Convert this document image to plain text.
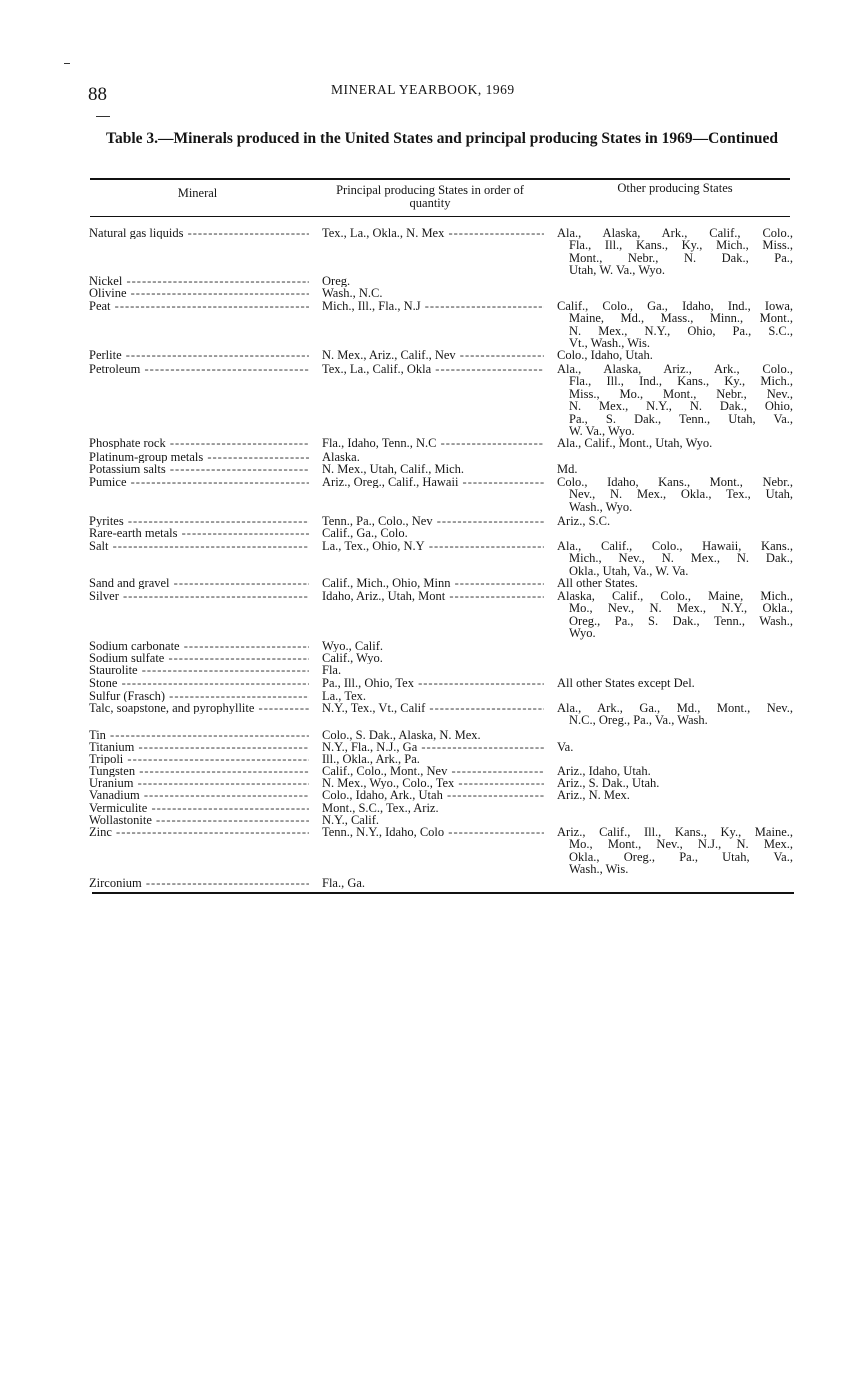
88	MINERAL YEARBOOK, 1969
Table 3.—Minerals produced in the United States and principal producing States in 1969—Continued
Mineral	Principal producing States in order of quantity
Other producing States
Natural gas liquids -----	Tex., La., Okla., N. Mex -----	Ala., Alaska, Ark., Calif., Colo.,
Fla., Ill., Kans., Ky., Mich., Miss.,
Mont., Nebr., N. Dak., Pa.,
Utah, W. Va., Wyo.
Nickel -----	Oreg.
Olivine -----	Wash., N.C.
Peat -----	Mich., Ill., Fla., N.J -----	Calif., Colo., Ga., Idaho, Ind., Iowa,
Maine, Md., Mass., Minn., Mont.,
N. Mex., N.Y., Ohio, Pa., S.C.,
Vt., Wash., Wis.
Perlite -----	N. Mex., Ariz., Calif., Nev -----	Colo., Idaho, Utah.
Petroleum -----	Tex., La., Calif., Okla -----	Ala., Alaska, Ariz., Ark., Colo.,
Fla., Ill., Ind., Kans., Ky., Mich.,
Miss., Mo., Mont., Nebr., Nev.,
N. Mex., N.Y., N. Dak., Ohio,
Pa., S. Dak., Tenn., Utah, Va.,
W. Va., Wyo.
Phosphate rock -----	Fla., Idaho, Tenn., N.C -----	Ala., Calif., Mont., Utah, Wyo.
Platinum-group metals -----	Alaska.
Potassium salts -----	N. Mex., Utah, Calif., Mich.	Md.
Pumice -----	Ariz., Oreg., Calif., Hawaii -----	Colo., Idaho, Kans., Mont., Nebr.,
Nev., N. Mex., Okla., Tex., Utah,
Wash., Wyo.
Pyrites -----	Tenn., Pa., Colo., Nev -----	Ariz., S.C.
Rare-earth metals -----	Calif., Ga., Colo.
Salt -----	La., Tex., Ohio, N.Y -----	Ala., Calif., Colo., Hawaii, Kans.,
Mich., Nev., N. Mex., N. Dak.,
Okla., Utah, Va., W. Va.
Sand and gravel -----	Calif., Mich., Ohio, Minn -----	All other States.
Silver -----	Idaho, Ariz., Utah, Mont -----	Alaska, Calif., Colo., Maine, Mich.,
Mo., Nev., N. Mex., N.Y., Okla.,
Oreg., Pa., S. Dak., Tenn., Wash.,
Wyo.
Sodium carbonate -----	Wyo., Calif.
Sodium sulfate -----	Calif., Wyo.
Staurolite -----	Fla.
Stone -----	Pa., Ill., Ohio, Tex -----	All other States except Del.
Sulfur (Frasch) -----	La., Tex.
Talc, soapstone, and pyrophyllite -----	N.Y., Tex., Vt., Calif -----	Ala., Ark., Ga., Md., Mont., Nev.,
N.C., Oreg., Pa., Va., Wash.
Tin -----	Colo., S. Dak., Alaska, N. Mex.
Titanium -----	N.Y., Fla., N.J., Ga -----	Va.
Tripoli -----	Ill., Okla., Ark., Pa.
Tungsten -----	Calif., Colo., Mont., Nev -----	Ariz., Idaho, Utah.
Uranium -----	N. Mex., Wyo., Colo., Tex -----	Ariz., S. Dak., Utah.
Vanadium -----	Colo., Idaho, Ark., Utah -----	Ariz., N. Mex.
Vermiculite -----	Mont., S.C., Tex., Ariz.
Wollastonite -----	N.Y., Calif.
Zinc -----	Tenn., N.Y., Idaho, Colo -----	Ariz., Calif., Ill., Kans., Ky., Maine.,
Mo., Mont., Nev., N.J., N. Mex.,
Okla., Oreg., Pa., Utah, Va.,
Wash., Wis.
Zirconium -----	Fla., Ga.
